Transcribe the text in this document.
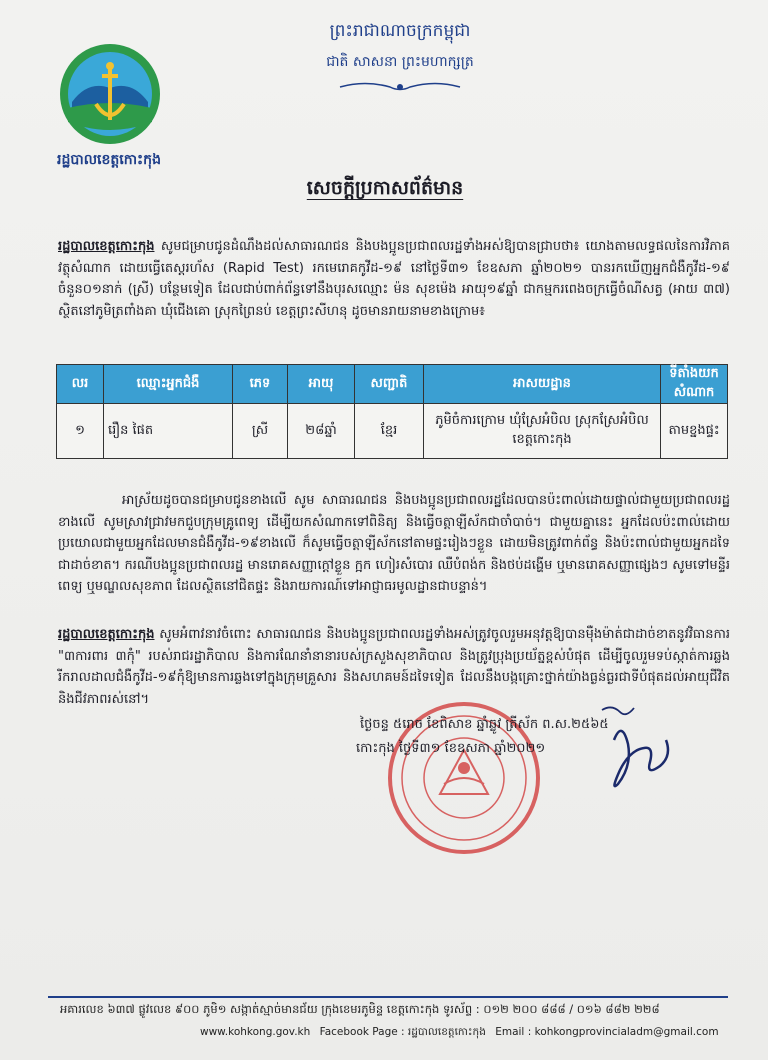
ព្រះរាជាណាចក្រកម្ពុជា
ជាតិ សាសនា ព្រះមហាក្សត្រ
រដ្ឋបាលខេត្តកោះកុង
សេចក្តីប្រកាសព័ត៌មាន
រដ្ឋបាលខេត្តកោះកុង សូមជម្រាបជូនដំណឹងដល់សាធារណជន និងបងប្អូនប្រជាពលរដ្ឋទាំងអស់ឱ្យបានជ្រាបថា៖ យោងតាមលទ្ធផលនៃការវិភាគវត្ថុសំណាក ដោយធ្វើតេស្តរហ័ស (Rapid Test) រកមេរោគកូវីដ-១៩ នៅថ្ងៃទី៣១ ខែឧសភា ឆ្នាំ២០២១ បានរកឃើញអ្នកជំងឺកូវីដ-១៩ ចំនួន០១នាក់ (ស្រី) បន្ថែមទៀត ដែលជាប់ពាក់ព័ន្ធទៅនឹងបុរសឈ្មោះ ម៉ន សុខម៉េង អាយុ១៩ឆ្នាំ ជាកម្មករពេងចក្រធ្វើចំណីសត្វ (អាយ ៣៧) ស្ថិតនៅភូមិត្រពាំងគា ឃុំជើងគោ ស្រុកព្រៃនប់ ខេត្តព្រះសីហនុ ដូចមានរាយនាមខាងក្រោម៖
លរ	ឈ្មោះអ្នកជំងឺ	ភេទ	អាយុ	សញ្ជាតិ	អាសយដ្ឋាន	ទីតាំងយកសំណាក
១	រឿន ផៃត	ស្រី	២៨ឆ្នាំ	ខ្មែរ	ភូមិចំការក្រោម ឃុំស្រែអំបិល ស្រុកស្រែអំបិល ខេត្តកោះកុង	តាមខ្នងផ្ទះ
អាស្រ័យដូចបានជម្រាបជូនខាងលើ សូម សាធារណជន និងបងប្អូនប្រជាពលរដ្ឋដែលបានប៉ះពាល់ដោយផ្ទាល់ជាមួយប្រជាពលរដ្ឋខាងលើ សូមស្រាវជ្រាវមកជួបក្រុមគ្រូពេទ្យ ដើម្បីយកសំណាកទៅពិនិត្យ និងធ្វើចត្តាឡីស័កជាចាំបាច់។ ជាមួយគ្នានេះ អ្នកដែលប៉ះពាល់ដោយប្រយោលជាមួយអ្នកដែលមានជំងឺកូវីដ-១៩ខាងលើ ក៏សូមធ្វើចត្តាឡីស័កនៅតាមផ្ទះរៀងៗខ្លួន ដោយមិនត្រូវពាក់ព័ន្ធ និងប៉ះពាល់ជាមួយអ្នកដទៃជាដាច់ខាត។ ករណីបងប្អូនប្រជាពលរដ្ឋ មានរោគសញ្ញាក្តៅខ្លួន ក្អក ហៀរសំបោរ ឈឺបំពង់ក និងថប់ដង្ហើម ឬមានរោគសញ្ញាផ្សេងៗ សូមទៅមន្ទីរពេទ្យ ឬមណ្ឌលសុខភាព ដែលស្ថិតនៅជិតផ្ទះ និងរាយការណ៍ទៅអាជ្ញាធរមូលដ្ឋានជាបន្ទាន់។
រដ្ឋបាលខេត្តកោះកុង សូមអំពាវនាវចំពោះ សាធារណជន និងបងប្អូនប្រជាពលរដ្ឋទាំងអស់ត្រូវចូលរួមអនុវត្តឱ្យបានម៉ឺងម៉ាត់ជាដាច់ខាតនូវវិធានការ "៣ការពារ ៣កុំ" របស់រាជរដ្ឋាភិបាល និងការណែនាំនានារបស់ក្រសួងសុខាភិបាល និងត្រូវប្រុងប្រយ័ត្នខ្ពស់បំផុត ដើម្បីចូលរួមទប់ស្កាត់ការឆ្លងរីករាលដាលជំងឺកូវីដ-១៩កុំឱ្យមានការឆ្លងទៅក្នុងក្រុមគ្រួសារ និងសហគមន៍ដទៃទៀត ដែលនឹងបង្កគ្រោះថ្នាក់យ៉ាងធ្ងន់ធ្ងរជាទីបំផុតដល់អាយុជីវិត និងជីវភាពរស់នៅ។
ថ្ងៃចន្ទ ៥រោច ខែពិសាខ ឆ្នាំឆ្លូវ ត្រីស័ក ព.ស.២៥៦៥
កោះកុង ថ្ងៃទី៣១ ខែឧសភា ឆ្នាំ២០២១
អគារលេខ ៦៣៧ ផ្លូវលេខ ៩០០ ភូមិ១ សង្កាត់ស្មាច់មានជ័យ ក្រុងខេមរភូមិន្ទ ខេត្តកោះកុង ទូរស័ព្ទ : ០១២ ២០០ ៨៨៨ / ០១៦ ៨៨២ ២២៨
www.kohkong.gov.kh Facebook Page : រដ្ឋបាលខេត្តកោះកុង Email : kohkongprovincialadm@gmail.com
